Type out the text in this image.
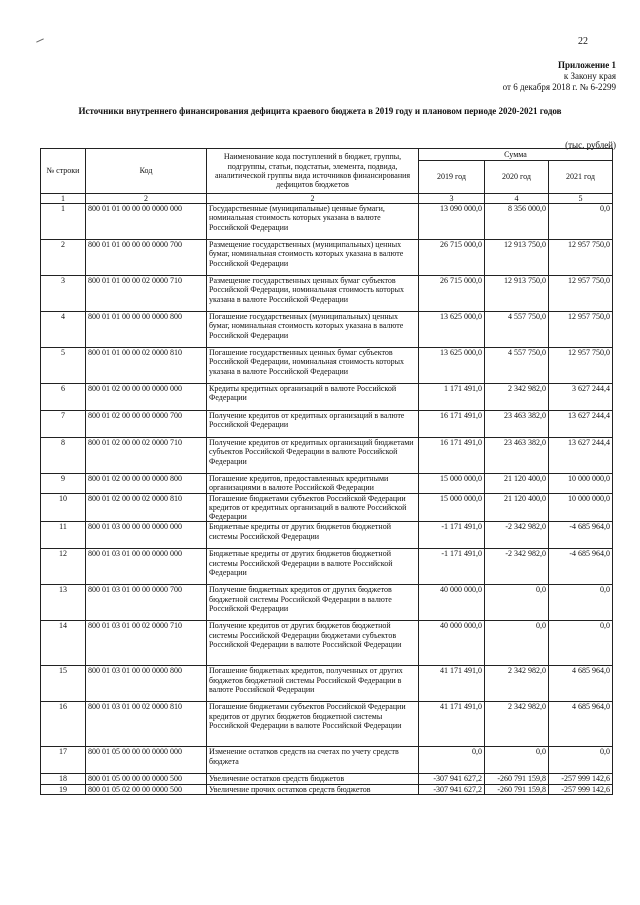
22
Приложение 1
к Закону края
от 6 декабря 2018 г. № 6-2299
Источники внутреннего финансирования дефицита краевого бюджета в 2019 году и плановом периоде 2020-2021 годов
(тыс. рублей)
№ строки	Код	Наименование кода поступлений в бюджет, группы, подгруппы, статьи, подстатьи, элемента, подвида, аналитической группы вида источников финансирования дефицитов бюджетов	Сумма		
			2019 год	2020 год	2021 год
1	2	2	3	4	5
1	800 01 01 00 00 00 0000 000	Государственные (муниципальные) ценные бумаги, номинальная стоимость которых указана в валюте Российской Федерации	13 090 000,0	8 356 000,0	0,0
2	800 01 01 00 00 00 0000 700	Размещение государственных (муниципальных) ценных бумаг, номинальная стоимость которых указана в валюте Российской Федерации	26 715 000,0	12 913 750,0	12 957 750,0
3	800 01 01 00 00 02 0000 710	Размещение государственных ценных бумаг субъектов Российской Федерации, номинальная стоимость которых указана в валюте Российской Федерации	26 715 000,0	12 913 750,0	12 957 750,0
4	800 01 01 00 00 00 0000 800	Погашение государственных (муниципальных) ценных бумаг, номинальная стоимость которых указана в валюте Российской Федерации	13 625 000,0	4 557 750,0	12 957 750,0
5	800 01 01 00 00 02 0000 810	Погашение государственных ценных бумаг субъектов Российской Федерации, номинальная стоимость которых указана в валюте Российской Федерации	13 625 000,0	4 557 750,0	12 957 750,0
6	800 01 02 00 00 00 0000 000	Кредиты кредитных организаций в валюте Российской Федерации	1 171 491,0	2 342 982,0	3 627 244,4
7	800 01 02 00 00 00 0000 700	Получение кредитов от кредитных организаций в валюте Российской Федерации	16 171 491,0	23 463 382,0	13 627 244,4
8	800 01 02 00 00 02 0000 710	Получение кредитов от кредитных организаций бюджетами субъектов Российской Федерации в валюте Российской Федерации	16 171 491,0	23 463 382,0	13 627 244,4
9	800 01 02 00 00 00 0000 800	Погашение кредитов, предоставленных кредитными организациями в валюте Российской Федерации	15 000 000,0	21 120 400,0	10 000 000,0
10	800 01 02 00 00 02 0000 810	Погашение бюджетами субъектов Российской Федерации кредитов от кредитных организаций в валюте Российской Федерации	15 000 000,0	21 120 400,0	10 000 000,0
11	800 01 03 00 00 00 0000 000	Бюджетные кредиты от других бюджетов бюджетной системы Российской Федерации	-1 171 491,0	-2 342 982,0	-4 685 964,0
12	800 01 03 01 00 00 0000 000	Бюджетные кредиты от других бюджетов бюджетной системы Российской Федерации в валюте Российской Федерации	-1 171 491,0	-2 342 982,0	-4 685 964,0
13	800 01 03 01 00 00 0000 700	Получение бюджетных кредитов от других бюджетов бюджетной системы Российской Федерации в валюте Российской Федерации	40 000 000,0	0,0	0,0
14	800 01 03 01 00 02 0000 710	Получение кредитов от других бюджетов бюджетной системы Российской Федерации бюджетами субъектов Российской Федерации в валюте Российской Федерации	40 000 000,0	0,0	0,0
15	800 01 03 01 00 00 0000 800	Погашение бюджетных кредитов, полученных от других бюджетов бюджетной системы Российской Федерации в валюте Российской Федерации	41 171 491,0	2 342 982,0	4 685 964,0
16	800 01 03 01 00 02 0000 810	Погашение бюджетами субъектов Российской Федерации кредитов от других бюджетов бюджетной системы Российской Федерации в валюте Российской Федерации	41 171 491,0	2 342 982,0	4 685 964,0
17	800 01 05 00 00 00 0000 000	Изменение остатков средств на счетах по учету средств бюджета	0,0	0,0	0,0
18	800 01 05 00 00 00 0000 500	Увеличение остатков средств бюджетов	-307 941 627,2	-260 791 159,8	-257 999 142,6
19	800 01 05 02 00 00 0000 500	Увеличение прочих остатков средств бюджетов	-307 941 627,2	-260 791 159,8	-257 999 142,6
